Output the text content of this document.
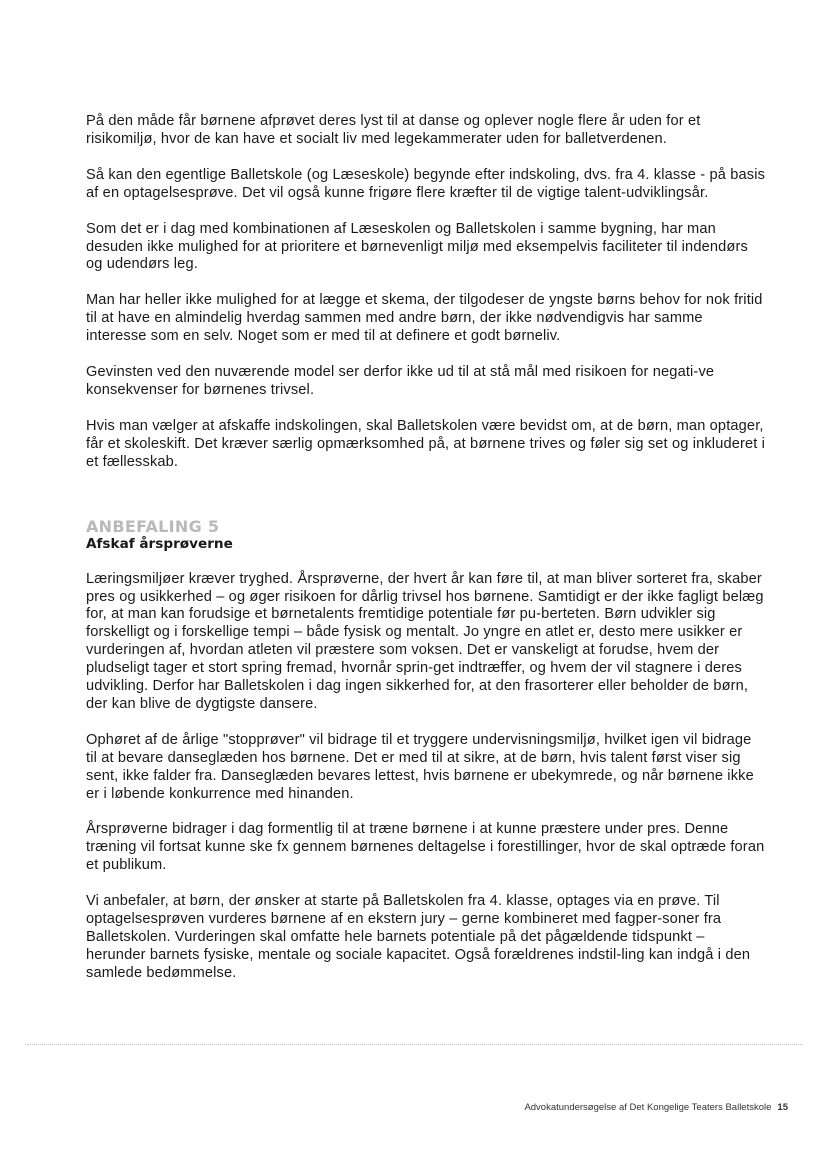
På den måde får børnene afprøvet deres lyst til at danse og oplever nogle flere år uden for et risikomiljø, hvor de kan have et socialt liv med legekammerater uden for balletverdenen.

Så kan den egentlige Balletskole (og Læseskole) begynde efter indskoling, dvs. fra 4. klasse - på basis af en optagelsesprøve. Det vil også kunne frigøre flere kræfter til de vigtige talent-udviklingsår.

Som det er i dag med kombinationen af Læseskolen og Balletskolen i samme bygning, har man desuden ikke mulighed for at prioritere et børnevenligt miljø med eksempelvis faciliteter til indendørs og udendørs leg.

Man har heller ikke mulighed for at lægge et skema, der tilgodeser de yngste børns behov for nok fritid til at have en almindelig hverdag sammen med andre børn, der ikke nødvendigvis har samme interesse som en selv. Noget som er med til at definere et godt børneliv.

Gevinsten ved den nuværende model ser derfor ikke ud til at stå mål med risikoen for negati-ve konsekvenser for børnenes trivsel.

Hvis man vælger at afskaffe indskolingen, skal Balletskolen være bevidst om, at de børn, man optager, får et skoleskift. Det kræver særlig opmærksomhed på, at børnene trives og føler sig set og inkluderet i et fællesskab.

ANBEFALING 5
Afskaf årsprøverne

Læringsmiljøer kræver tryghed. Årsprøverne, der hvert år kan føre til, at man bliver sorteret fra, skaber pres og usikkerhed – og øger risikoen for dårlig trivsel hos børnene. Samtidigt er der ikke fagligt belæg for, at man kan forudsige et børnetalents fremtidige potentiale før pu-berteten. Børn udvikler sig forskelligt og i forskellige tempi – både fysisk og mentalt. Jo yngre en atlet er, desto mere usikker er vurderingen af, hvordan atleten vil præstere som voksen. Det er vanskeligt at forudse, hvem der pludseligt tager et stort spring fremad, hvornår sprin-get indtræffer, og hvem der vil stagnere i deres udvikling. Derfor har Balletskolen i dag ingen sikkerhed for, at den frasorterer eller beholder de børn, der kan blive de dygtigste dansere.

Ophøret af de årlige "stopprøver" vil bidrage til et tryggere undervisningsmiljø, hvilket igen vil bidrage til at bevare danseglæden hos børnene. Det er med til at sikre, at de børn, hvis talent først viser sig sent, ikke falder fra. Danseglæden bevares lettest, hvis børnene er ubekymrede, og når børnene ikke er i løbende konkurrence med hinanden.

Årsprøverne bidrager i dag formentlig til at træne børnene i at kunne præstere under pres. Denne træning vil fortsat kunne ske fx gennem børnenes deltagelse i forestillinger, hvor de skal optræde foran et publikum.

Vi anbefaler, at børn, der ønsker at starte på Balletskolen fra 4. klasse, optages via en prøve. Til optagelsesprøven vurderes børnene af en ekstern jury – gerne kombineret med fagper-soner fra Balletskolen. Vurderingen skal omfatte hele barnets potentiale på det pågældende tidspunkt – herunder barnets fysiske, mentale og sociale kapacitet. Også forældrenes indstil-ling kan indgå i den samlede bedømmelse.

Advokatundersøgelse af Det Kongelige Teaters Balletskole 15
